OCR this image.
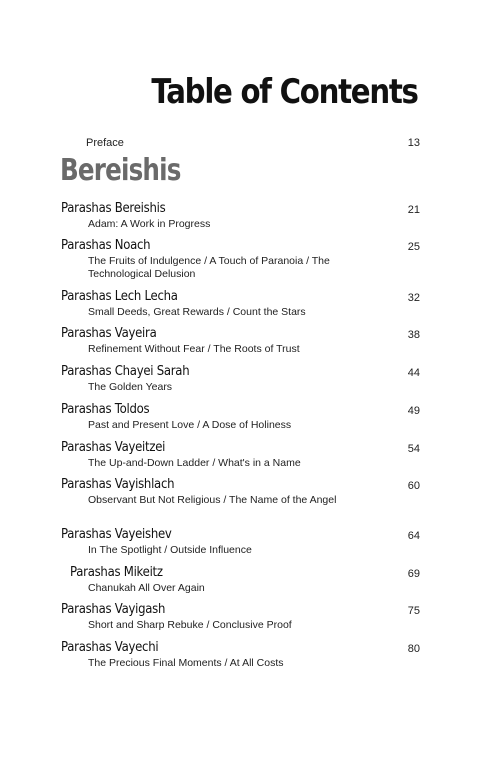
Table of Contents
Preface	13
Bereishis
Parashas Bereishis
Adam: A Work in Progress
21
Parashas Noach
The Fruits of Indulgence / A Touch of Paranoia / The Technological Delusion
25
Parashas Lech Lecha
Small Deeds, Great Rewards / Count the Stars
32
Parashas Vayeira
Refinement Without Fear / The Roots of Trust
38
Parashas Chayei Sarah
The Golden Years
44
Parashas Toldos
Past and Present Love / A Dose of Holiness
49
Parashas Vayeitzei
The Up-and-Down Ladder / What's in a Name
54
Parashas Vayishlach
Observant But Not Religious / The Name of the Angel
60
Parashas Vayeishev
In The Spotlight / Outside Influence
64
Parashas Mikeitz
Chanukah All Over Again
69
Parashas Vayigash
Short and Sharp Rebuke / Conclusive Proof
75
Parashas Vayechi
The Precious Final Moments / At All Costs
80
